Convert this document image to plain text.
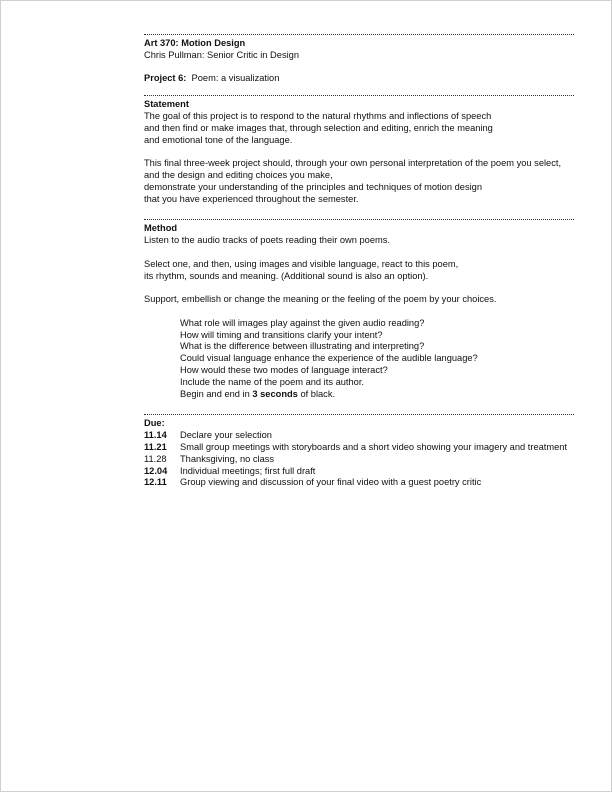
Art 370: Motion Design
Chris Pullman: Senior Critic in Design
Project 6: Poem: a visualization
Statement
The goal of this project is to respond to the natural rhythms and inflections of speech
and then find or make images that, through selection and editing, enrich the meaning
and emotional tone of the language.
This final three-week project should, through your own personal interpretation of the poem you select,
and the design and editing choices you make,
demonstrate your understanding of the principles and techniques of motion design
that you have experienced throughout the semester.
Method
Listen to the audio tracks of poets reading their own poems.
Select one, and then, using images and visible language, react to this poem,
its rhythm, sounds and meaning. (Additional sound is also an option).
Support, embellish or change the meaning or the feeling of the poem by your choices.
What role will images play against the given audio reading?
How will timing and transitions clarify your intent?
What is the difference between illustrating and interpreting?
Could visual language enhance the experience of the audible language?
How would these two modes of language interact?
Include the name of the poem and its author.
Begin and end in 3 seconds of black.
Due:
11.14	Declare your selection
11.21	Small group meetings with storyboards and a short video showing your imagery and treatment
11.28	Thanksgiving, no class
12.04	Individual meetings; first full draft
12.11	Group viewing and discussion of your final video with a guest poetry critic
